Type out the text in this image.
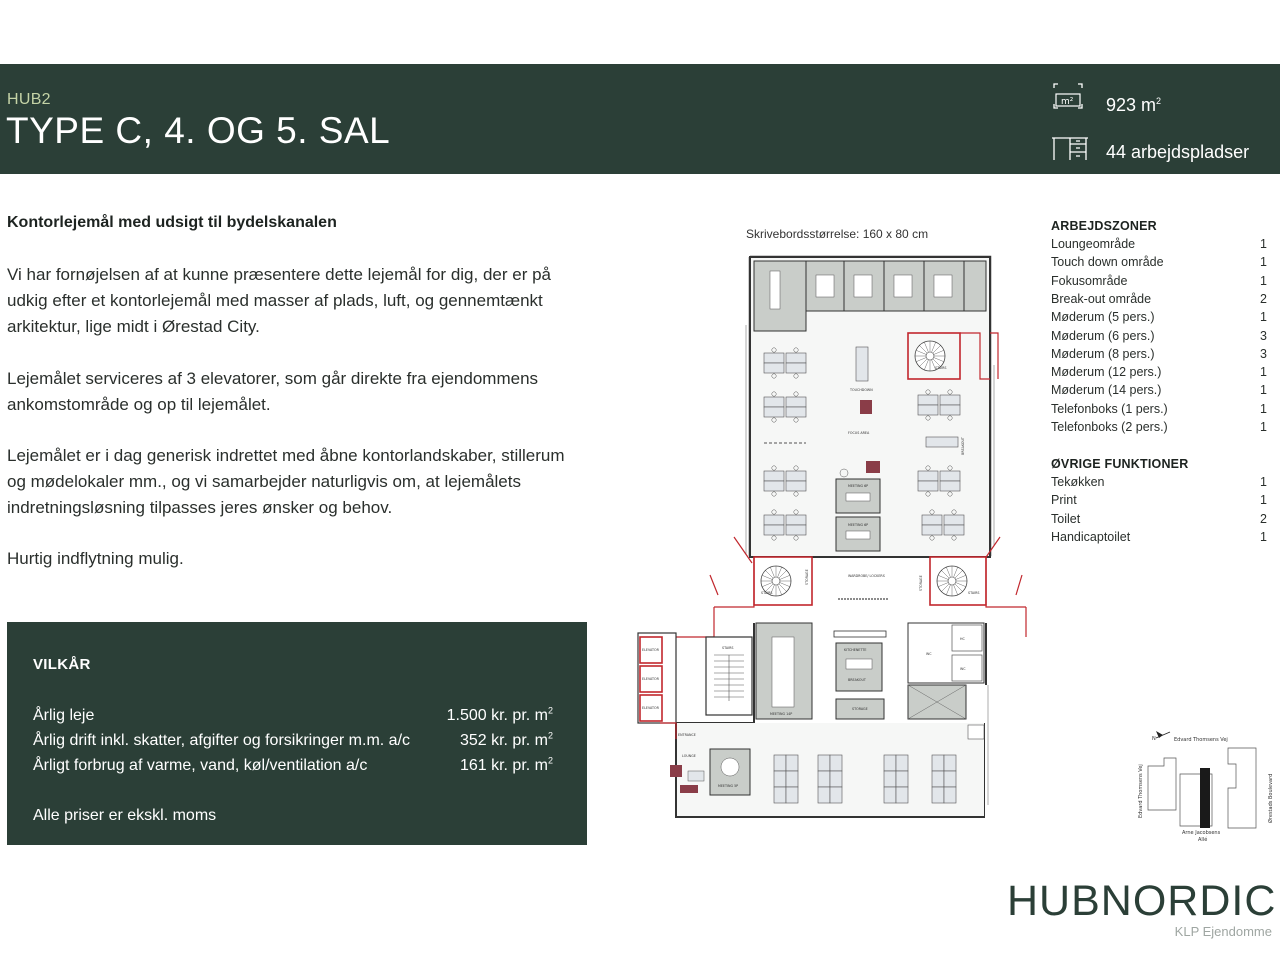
HUB2
TYPE C, 4. OG 5. SAL
m² 923 $m^2$
44 arbejdspladser
Kontorlejemål med udsigt til bydelskanalen

Vi har fornøjelsen af at kunne præsentere dette lejemål for dig, der er på udkig efter et kontorlejemål med masser af plads, luft, og gennemtænkt arkitektur, lige midt i Ørestad City.

Lejemålet serviceres af 3 elevatorer, som går direkte fra ejendommens ankomstområde og op til lejemålet.

Lejemålet er i dag generisk indrettet med åbne kontorlandskaber, stillerum og mødelokaler mm., og vi samarbejder naturligvis om, at lejemålets indretningsløsning tilpasses jeres ønsker og behov.

Hurtig indflytning mulig.

VILKÅR
Årlig leje	1.500 kr. pr. $m^2$
Årlig drift inkl. skatter, afgifter og forsikringer m.m. a/c	352 kr. pr. $m^2$
Årligt forbrug af varme, vand, køl/ventilation a/c	161 kr. pr. $m^2$
Alle priser er ekskl. moms
Skrivebordsstørrelse: 160 x 80 cm
STAIRS
TOUCHDOWN
FOCUS AREA
BREAKOUT
MEETING 6P
MEETING 6P
STAIRS
STORAGE
STAIRS
STORAGE
WARDROBE/ LOCKERS
ELEVATOR
ELEVATOR
ELEVATOR
STAIRS
ENTRANCE
MEETING 14P
KITCHENETTE
BREAKOUT
STORAGE
HC
WC
WC
LOUNGE
MEETING 5P
ARBEJDSZONER
Loungeområde	1
Touch down område	1
Fokusområde	1
Break-out område	2
Møderum (5 pers.)	1
Møderum (6 pers.)	3
Møderum (8 pers.)	3
Møderum (12 pers.)	1
Møderum (14 pers.)	1
Telefonboks (1 pers.)	1
Telefonboks (2 pers.)	1
ØVRIGE FUNKTIONER
Tekøkken	1
Print	1
Toilet	2
Handicaptoilet	1
N	Edvard Thomsens Vej
Edvard Thomsens Vej	Ørestads Boulevard
Arne Jacobsens
Allé
HUBNORDIC
KLP Ejendomme
